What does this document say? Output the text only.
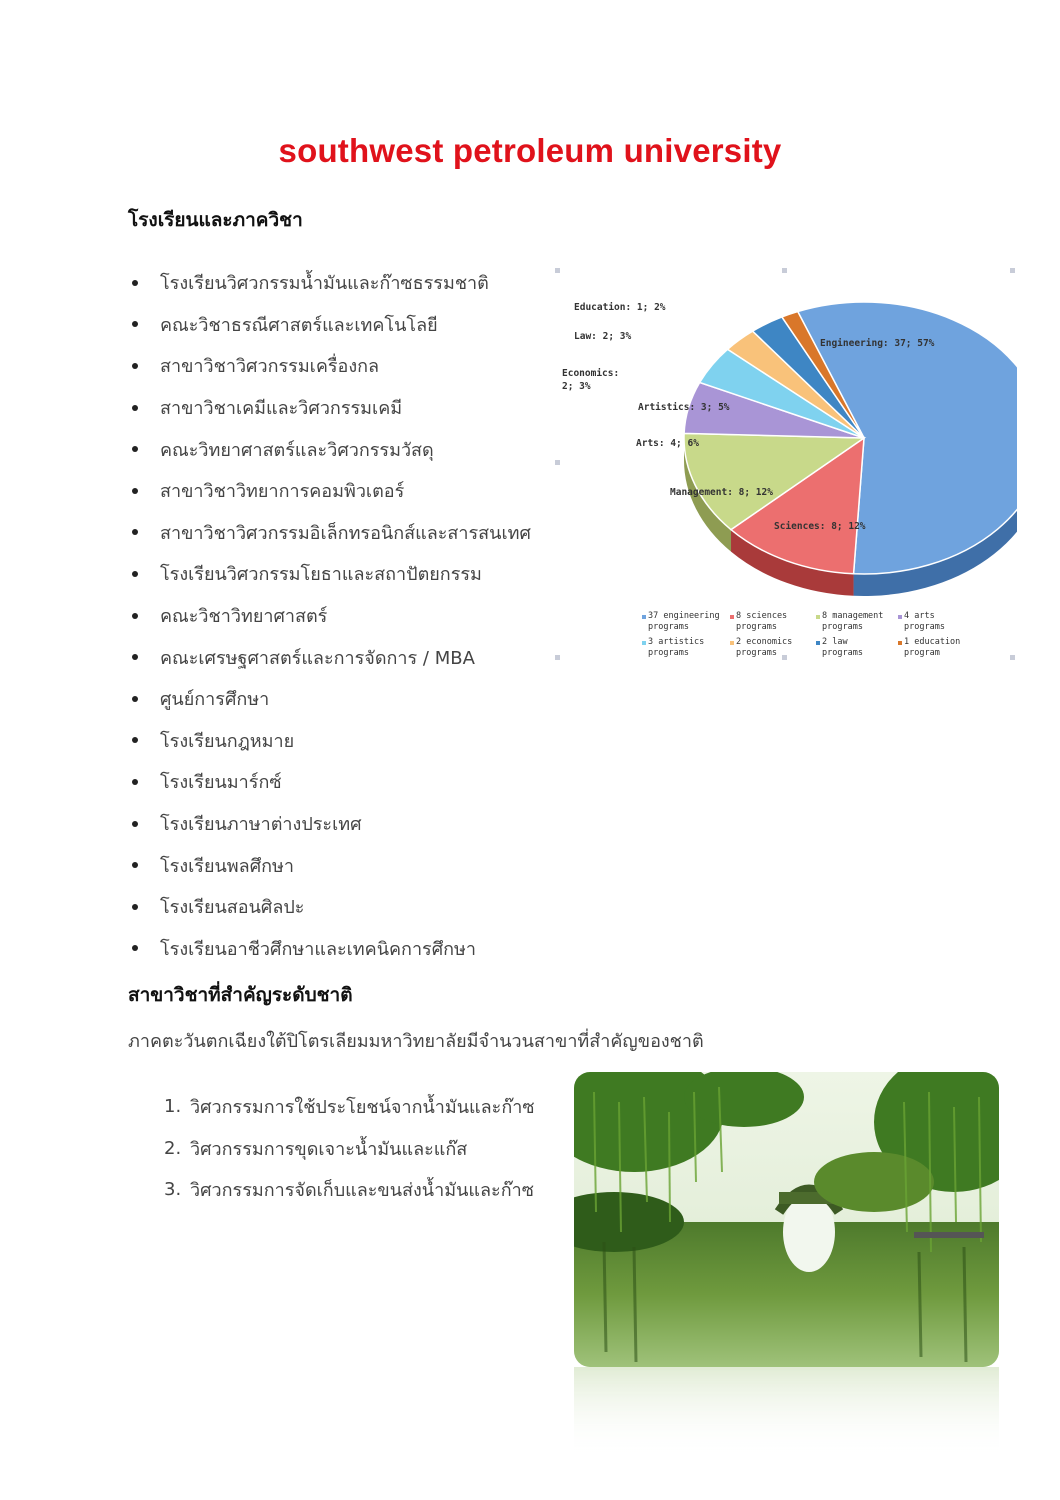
southwest petroleum university
โรงเรียนและภาควิชา
โรงเรียนวิศวกรรมน้ำมันและก๊าซธรรมชาติ
คณะวิชาธรณีศาสตร์และเทคโนโลยี
สาขาวิชาวิศวกรรมเครื่องกล
สาขาวิชาเคมีและวิศวกรรมเคมี
คณะวิทยาศาสตร์และวิศวกรรมวัสดุ
สาขาวิชาวิทยาการคอมพิวเตอร์
สาขาวิชาวิศวกรรมอิเล็กทรอนิกส์และสารสนเทศ
โรงเรียนวิศวกรรมโยธาและสถาปัตยกรรม
คณะวิชาวิทยาศาสตร์
คณะเศรษฐศาสตร์และการจัดการ / MBA
ศูนย์การศึกษา
โรงเรียนกฎหมาย
โรงเรียนมาร์กซ์
โรงเรียนภาษาต่างประเทศ
โรงเรียนพลศึกษา
โรงเรียนสอนศิลปะ
โรงเรียนอาชีวศึกษาและเทคนิคการศึกษา
Engineering: 37; 57%
Sciences: 8; 12%
Management: 8; 12%
Arts: 4; 6%
Artistics: 3; 5%
Economics: 2; 3%
Law: 2; 3%
Education: 1; 2%
37 engineering programs
8 sciences programs
8 management programs
4 arts programs
3 artistics programs
2 economics programs
2 law programs
1 education program
สาขาวิชาที่สำคัญระดับชาติ
ภาคตะวันตกเฉียงใต้ปิโตรเลียมมหาวิทยาลัยมีจำนวนสาขาที่สำคัญของชาติ
1. วิศวกรรมการใช้ประโยชน์จากน้ำมันและก๊าซ
2. วิศวกรรมการขุดเจาะน้ำมันและแก๊ส
3. วิศวกรรมการจัดเก็บและขนส่งน้ำมันและก๊าซ
